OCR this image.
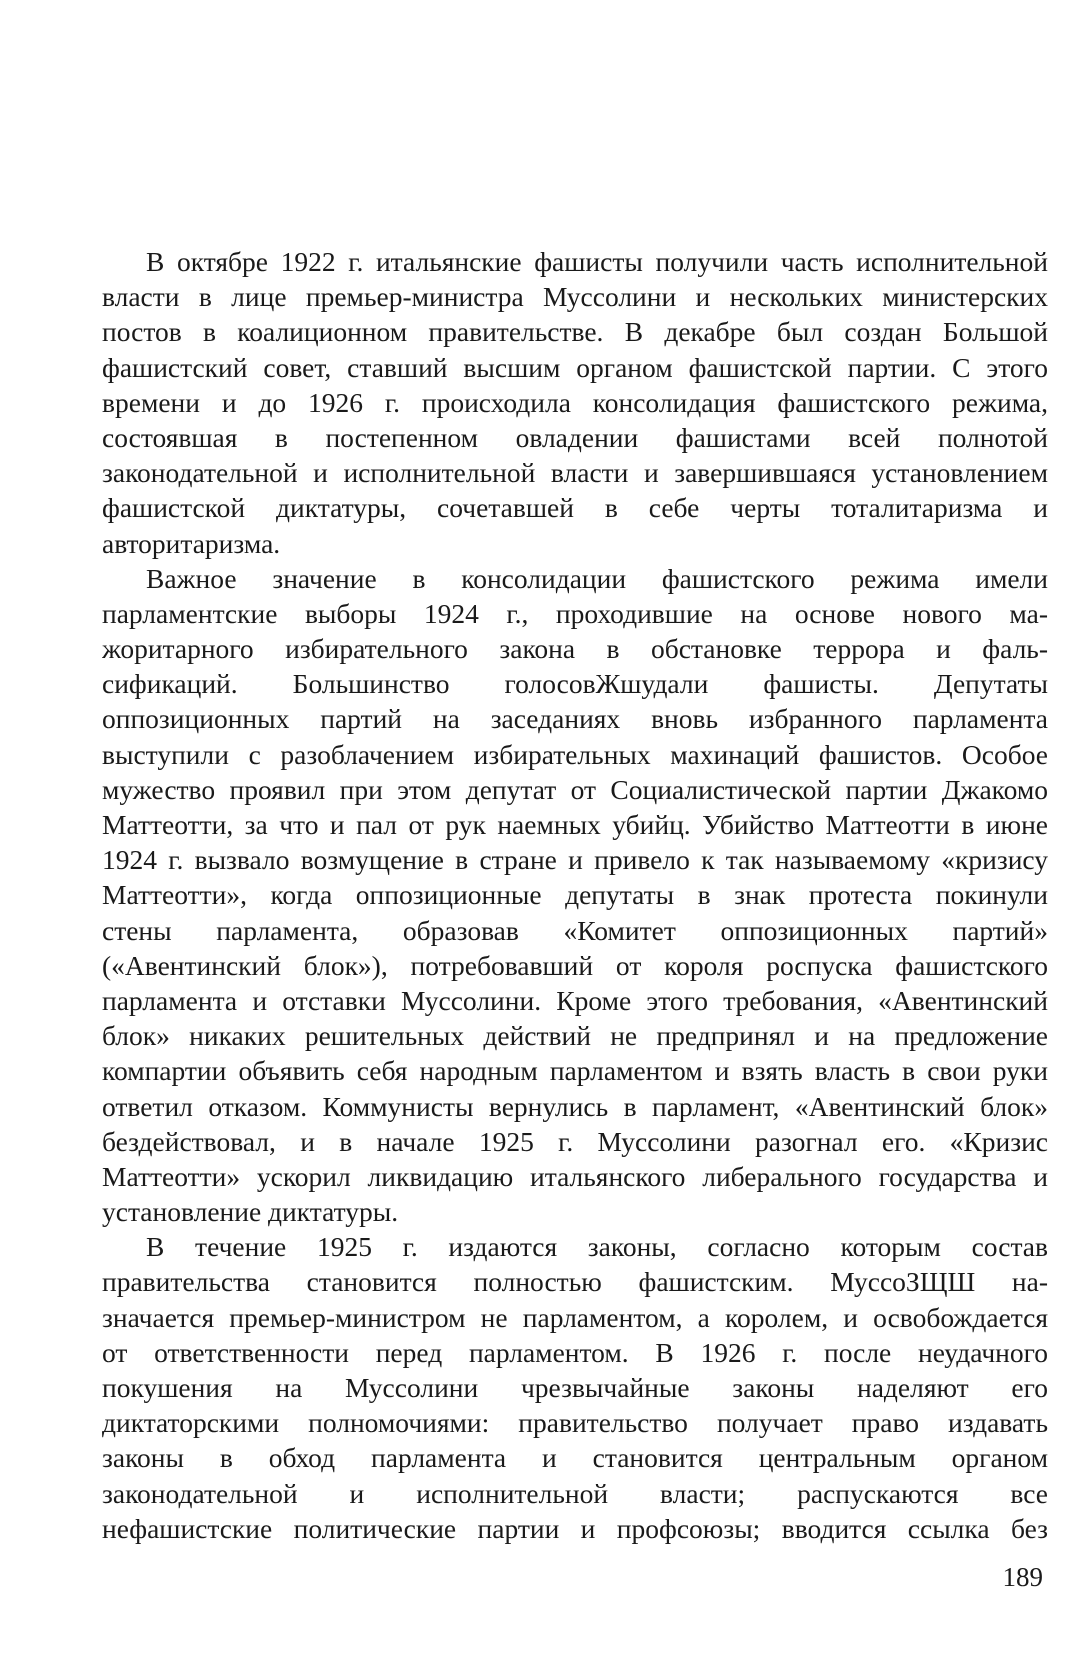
В октябре 1922 г. итальянские фашисты получили часть исполнительной
власти в лице премьер-министра Муссолини и нескольких министерских
постов в коалиционном правительстве. В декабре был создан Большой
фашистский совет, ставший высшим органом фашистской партии. С этого
времени и до 1926 г. происходила консолидация фашистского режима,
состоявшая в постепенном овладении фашистами всей полнотой
законодательной и исполнительной власти и завершившаяся установлением
фашистской диктатуры, сочетавшей в себе черты тоталитаризма и
авторитаризма.
Важное значение в консолидации фашистского режима имели
парламентские выборы 1924 г., проходившие на основе нового ма-
жоритарного избирательного закона в обстановке террора и фаль-
сификаций. Большинство голосовЖшудали фашисты. Депутаты
оппозиционных партий на заседаниях вновь избранного парламента
выступили с разоблачением избирательных махинаций фашистов. Особое
мужество проявил при этом депутат от Социалистической партии Джакомо
Маттеотти, за что и пал от рук наемных убийц. Убийство Маттеотти в июне
1924 г. вызвало возмущение в стране и привело к так называемому «кризису
Маттеотти», когда оппозиционные депутаты в знак протеста покинули
стены парламента, образовав «Комитет оппозиционных партий»
(«Авентинский блок»), потребовавший от короля роспуска фашистского
парламента и отставки Муссолини. Кроме этого требования, «Авентинский
блок» никаких решительных действий не предпринял и на предложение
компартии объявить себя народным парламентом и взять власть в свои руки
ответил отказом. Коммунисты вернулись в парламент, «Авентинский блок»
бездействовал, и в начале 1925 г. Муссолини разогнал его. «Кризис
Маттеотти» ускорил ликвидацию итальянского либерального государства и
установление диктатуры.
В течение 1925 г. издаются законы, согласно которым состав
правительства становится полностью фашистским. МуссоЗЩШ на-
значается премьер-министром не парламентом, а королем, и освобождается
от ответственности перед парламентом. В 1926 г. после неудачного
покушения на Муссолини чрезвычайные законы наделяют его
диктаторскими полномочиями: правительство получает право издавать
законы в обход парламента и становится центральным органом
законодательной и исполнительной власти; распускаются все
нефашистские политические партии и профсоюзы; вводится ссылка без
189
